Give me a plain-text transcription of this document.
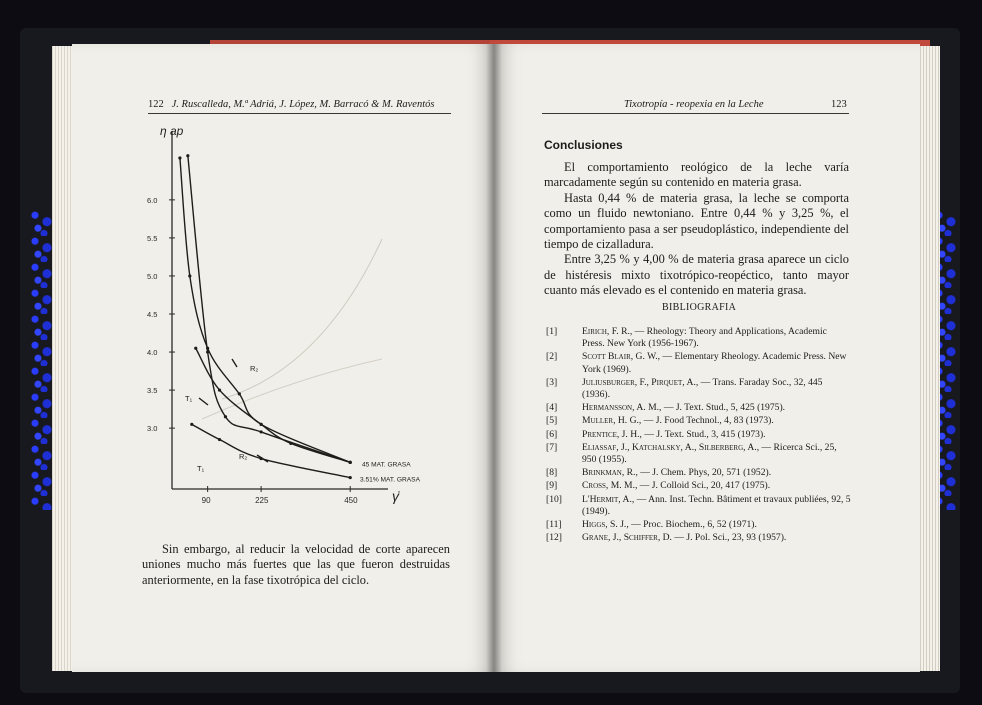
122 J. Ruscalleda, M.ª Adriá, J. López, M. Barracó & M. Raventós
6.0
5.5
5.0
4.5
4.0
3.5
3.0
90	225	450
η ap
γ̇
R₂
T₁
R₂
T₁	45 MAT. GRASA
3.51% MAT. GRASA

Sin embargo, al reducir la velocidad de corte aparecen uniones mucho más fuertes que las que fueron destruidas anteriormente, en la fase tixotrópica del ciclo.

Tixotropía - reopexia en la Leche	123
Conclusiones

El comportamiento reológico de la leche varía marcadamente según su contenido en materia grasa.

Hasta 0,44 % de materia grasa, la leche se comporta como un fluido newtoniano. Entre 0,44 % y 3,25 %, el comportamiento pasa a ser pseudoplástico, independiente del tiempo de cizalladura.

Entre 3,25 % y 4,00 % de materia grasa aparece un ciclo de histéresis mixto tixotrópico-reopéctico, tanto mayor cuanto más elevado es el contenido en materia grasa.

BIBLIOGRAFIA
[1]	Eirich, F. R., — Rheology: Theory and Applications, Academic Press. New York (1956-1967).
[2]	Scott Blair, G. W., — Elementary Rheology. Academic Press. New York (1969).
[3]	Juliusburger, F., Pirquet, A., — Trans. Faraday Soc., 32, 445 (1936).
[4]	Hermansson, A. M., — J. Text. Stud., 5, 425 (1975).
[5]	Muller, H. G., — J. Food Technol., 4, 83 (1973).
[6]	Prentice, J. H., — J. Text. Stud., 3, 415 (1973).
[7]	Eliassaf, J., Katchalsky, A., Silberberg, A., — Ricerca Sci., 25, 950 (1955).
[8]	Brinkman, R., — J. Chem. Phys, 20, 571 (1952).
[9]	Cross, M. M., — J. Colloid Sci., 20, 417 (1975).
[10]	L'Hermit, A., — Ann. Inst. Techn. Bâtiment et travaux publiées, 92, 5 (1949).
[11]	Higgs, S. J., — Proc. Biochem., 6, 52 (1971).
[12]	Grane, J., Schiffer, D. — J. Pol. Sci., 23, 93 (1957).
